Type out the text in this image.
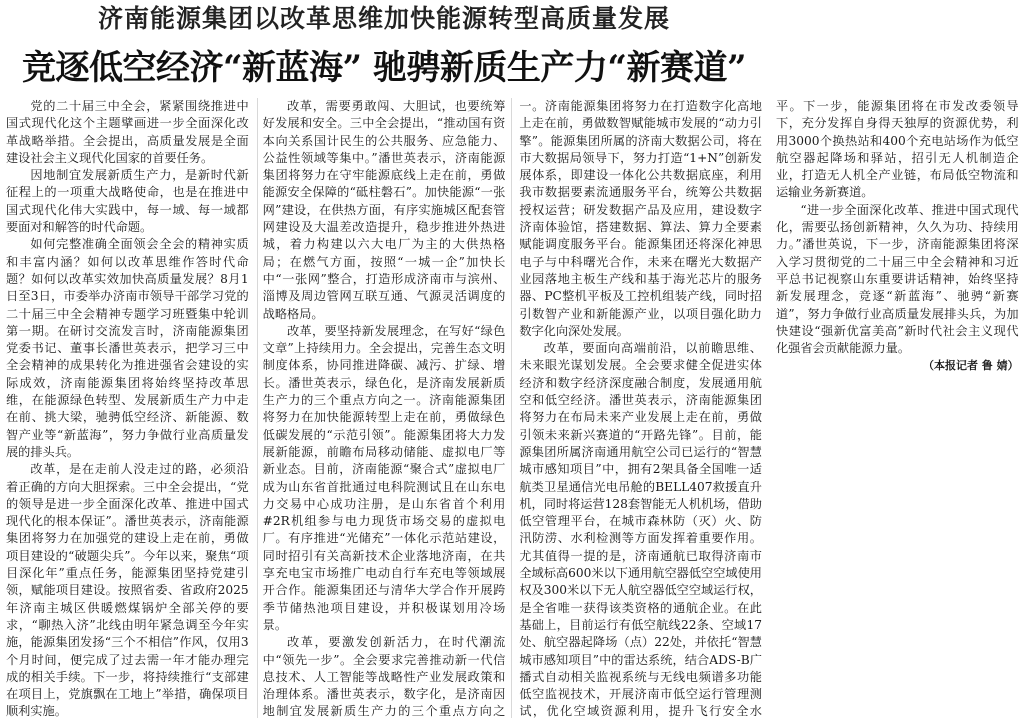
济南能源集团以改革思维加快能源转型高质量发展
竞逐低空经济“新蓝海” 驰骋新质生产力“新赛道”

党的二十届三中全会，紧紧围绕推进中国式现代化这个主题擘画进一步全面深化改革战略举措。全会提出，高质量发展是全面建设社会主义现代化国家的首要任务。

因地制宜发展新质生产力，是新时代新征程上的一项重大战略使命，也是在推进中国式现代化伟大实践中，每一域、每一域都要面对和解答的时代命题。

如何完整准确全面领会全会的精神实质和丰富内涵？如何以改革思维作答时代命题？如何以改革实效加快高质量发展？8月1日至3日，市委举办济南市领导干部学习党的二十届三中全会精神专题学习班暨集中轮训第一期。在研讨交流发言时，济南能源集团党委书记、董事长潘世英表示，把学习三中全会精神的成果转化为推进强省会建设的实际成效，济南能源集团将始终坚持改革思维，在能源绿色转型、发展新质生产力中走在前、挑大梁，驰骋低空经济、新能源、数智产业等“新蓝海”，努力争做行业高质量发展的排头兵。

改革，是在走前人没走过的路，必须沿着正确的方向大胆探索。三中全会提出，“党的领导是进一步全面深化改革、推进中国式现代化的根本保证”。潘世英表示，济南能源集团将努力在加强党的建设上走在前，勇做项目建设的“破题尖兵”。今年以来，聚焦“项目深化年”重点任务，能源集团坚持党建引领，赋能项目建设。按照省委、省政府2025年济南主城区供暖燃煤锅炉全部关停的要求，“聊热入济”北线由明年紧急调至今年实施，能源集团发扬“三个不相信”作风，仅用3个月时间，便完成了过去需一年才能办理完成的相关手续。下一步，将持续推行“支部建在项目上，党旗飘在工地上”举措，确保项目顺利实施。

改革，需要勇敢闯、大胆试，也要统筹好发展和安全。三中全会提出，“推动国有资本向关系国计民生的公共服务、应急能力、公益性领域等集中。”潘世英表示，济南能源集团将努力在守牢能源底线上走在前，勇做能源安全保障的“砥柱磐石”。加快能源“一张网”建设，在供热方面，有序实施城区配套管网建设及大温差改造提升，稳步推进外热进城，着力构建以六大电厂为主的大供热格局；在燃气方面，按照“一城一企”加快长中“一张网”整合，打造形成济南市与滨州、淄博及周边管网互联互通、气源灵活调度的战略格局。

改革，要坚持新发展理念，在写好“绿色文章”上持续用力。全会提出，完善生态文明制度体系，协同推进降碳、减污、扩绿、增长。潘世英表示，绿色化，是济南发展新质生产力的三个重点方向之一。济南能源集团将努力在加快能源转型上走在前，勇做绿色低碳发展的“示范引领”。能源集团将大力发展新能源，前瞻布局移动储能、虚拟电厂等新业态。目前，济南能源“聚合式”虚拟电厂成为山东省首批通过电科院测试且在山东电力交易中心成功注册，是山东省首个利用#2R机组参与电力现货市场交易的虚拟电厂。有序推进“光储充”一体化示范站建设，同时招引有关高新技术企业落地济南，在共享充电宝市场推广电动自行车充电等领域展开合作。能源集团还与清华大学合作开展跨季节储热池项目建设，并积极谋划用冷场景。

改革，要激发创新活力，在时代潮流中“领先一步”。全会要求完善推动新一代信息技术、人工智能等战略性产业发展政策和治理体系。潘世英表示，数字化，是济南因地制宜发展新质生产力的三个重点方向之一。济南能源集团将努力在打造数字化高地上走在前，勇做数智赋能城市发展的“动力引擎”。能源集团所属的济南大数据公司，将在市大数据局领导下，努力打造“1+N”创新发展体系，即建设一体化公共数据底座，利用我市数据要素流通服务平台，统筹公共数据授权运营；研发数据产品及应用，建设数字济南体验馆，搭建数据、算法、算力全要素赋能调度服务平台。能源集团还将深化神思电子与中科曙光合作，未来在曙光大数据产业园落地主板生产线和基于海光芯片的服务器、PC整机平板及工控机组装产线，同时招引数智产业和新能源产业，以项目强化助力数字化向深处发展。

改革，要面向高端前沿，以前瞻思维、未来眼光谋划发展。全会要求健全促进实体经济和数字经济深度融合制度，发展通用航空和低空经济。潘世英表示，济南能源集团将努力在布局未来产业发展上走在前，勇做引领未来新兴赛道的“开路先锋”。目前，能源集团所属济南通用航空公司已运行的“智慧城市感知项目”中，拥有2架具备全国唯一适航类卫星通信光电吊舱的BELL407救援直升机，同时将运营128套智能无人机机场，借助低空管理平台，在城市森林防（灭）火、防汛防涝、水利检测等方面发挥着重要作用。尤其值得一提的是，济南通航已取得济南市全域标高600米以下通用航空器低空空域使用权及300米以下无人航空器低空空域运行权，是全省唯一获得该类资格的通航企业。在此基础上，目前运行有低空航线22条、空域17处、航空器起降场（点）22处，并依托“智慧城市感知项目”中的雷达系统，结合ADS-B广播式自动相关监视系统与无线电频谱多功能低空监视技术，开展济南市低空运行管理测试，优化空域资源利用，提升飞行安全水平。下一步，能源集团将在市发改委领导下，充分发挥自身得天独厚的资源优势，利用3000个换热站和400个充电站场作为低空航空器起降场和驿站，招引无人机制造企业，打造无人机全产业链，布局低空物流和运输业务新赛道。

“进一步全面深化改革、推进中国式现代化，需要弘扬创新精神，久久为功、持续用力。”潘世英说，下一步，济南能源集团将深入学习贯彻党的二十届三中全会精神和习近平总书记视察山东重要讲话精神，始终坚持新发展理念，竞逐“新蓝海”、驰骋“新赛道”，努力争做行业高质量发展排头兵，为加快建设“强新优富美高”新时代社会主义现代化强省会贡献能源力量。

（本报记者 鲁 婧）
